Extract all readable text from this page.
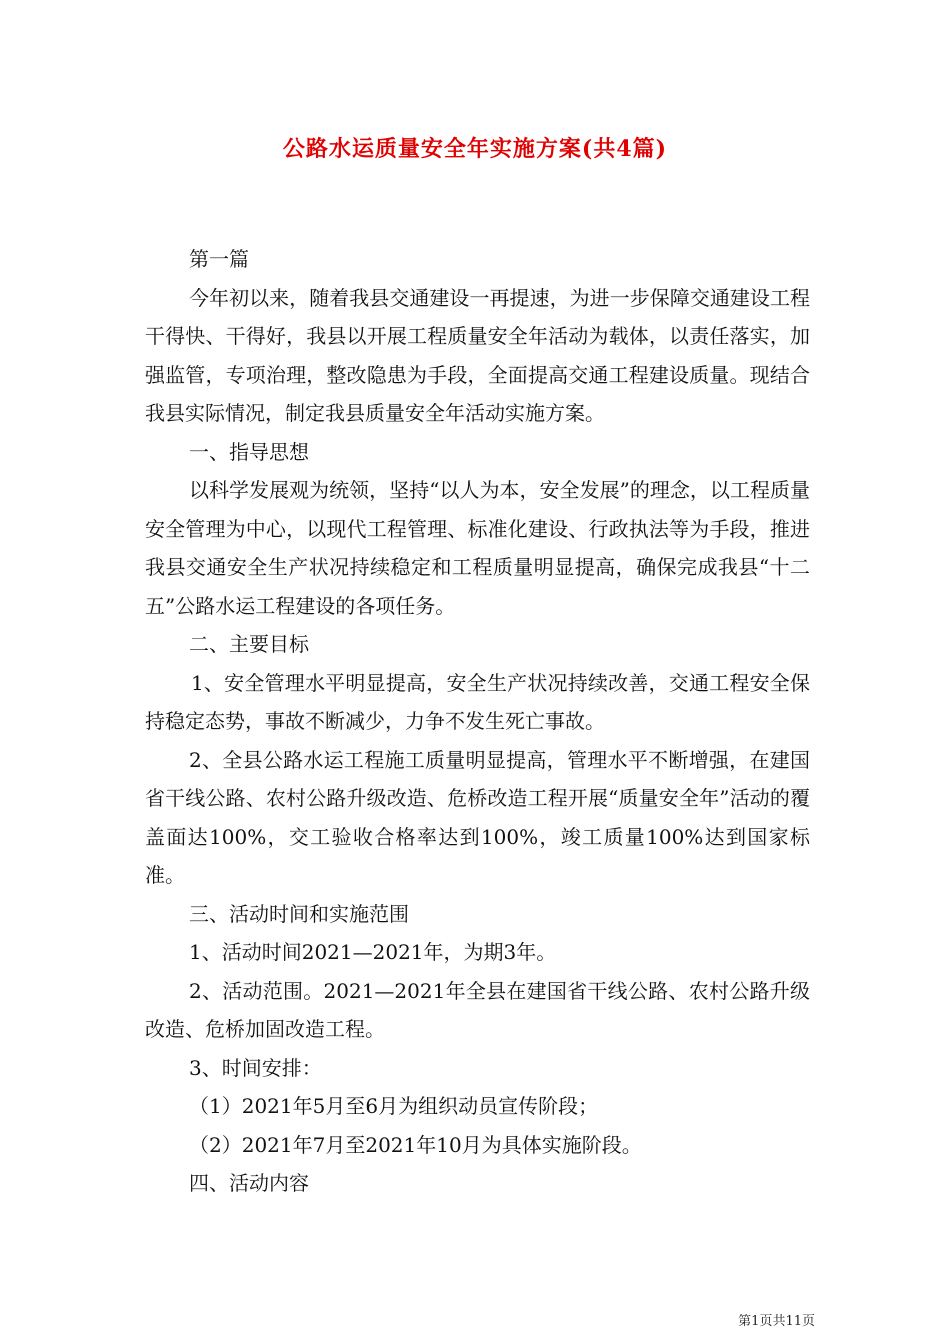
公路水运质量安全年实施方案(共4篇)

第一篇

今年初以来，随着我县交通建设一再提速，为进一步保障交通建设工程干得快、干得好，我县以开展工程质量安全年活动为载体，以责任落实，加强监管，专项治理，整改隐患为手段，全面提高交通工程建设质量。现结合我县实际情况，制定我县质量安全年活动实施方案。

一、指导思想

以科学发展观为统领，坚持“以人为本，安全发展”的理念，以工程质量安全管理为中心，以现代工程管理、标准化建设、行政执法等为手段，推进我县交通安全生产状况持续稳定和工程质量明显提高，确保完成我县“十二五”公路水运工程建设的各项任务。

二、主要目标

1、安全管理水平明显提高，安全生产状况持续改善，交通工程安全保持稳定态势，事故不断减少，力争不发生死亡事故。

2、全县公路水运工程施工质量明显提高，管理水平不断增强，在建国省干线公路、农村公路升级改造、危桥改造工程开展“质量安全年”活动的覆盖面达100%，交工验收合格率达到100%，竣工质量100%达到国家标准。

三、活动时间和实施范围

1、活动时间2021—2021年，为期3年。

2、活动范围。2021—2021年全县在建国省干线公路、农村公路升级改造、危桥加固改造工程。

3、时间安排：

（1）2021年5月至6月为组织动员宣传阶段；

（2）2021年7月至2021年10月为具体实施阶段。

四、活动内容

第1页共11页
